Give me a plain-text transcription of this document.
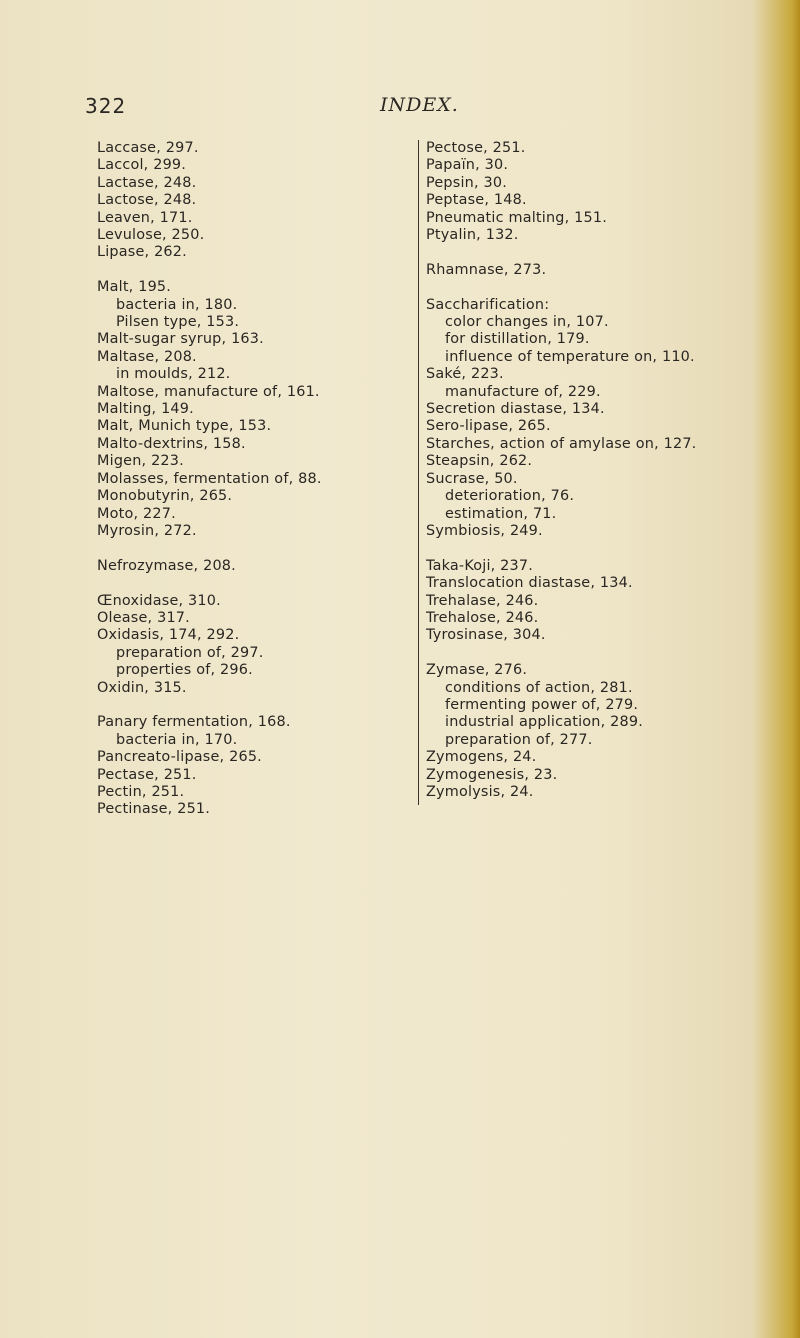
322	INDEX.
Laccase, 297.
Laccol, 299.
Lactase, 248.
Lactose, 248.
Leaven, 171.
Levulose, 250.
Lipase, 262.
Malt, 195.
bacteria in, 180.
Pilsen type, 153.
Malt-sugar syrup, 163.
Maltase, 208.
in moulds, 212.
Maltose, manufacture of, 161.
Malting, 149.
Malt, Munich type, 153.
Malto-dextrins, 158.
Migen, 223.
Molasses, fermentation of, 88.
Monobutyrin, 265.
Moto, 227.
Myrosin, 272.
Nefrozymase, 208.
Œnoxidase, 310.
Olease, 317.
Oxidasis, 174, 292.
preparation of, 297.
properties of, 296.
Oxidin, 315.
Panary fermentation, 168.
bacteria in, 170.
Pancreato-lipase, 265.
Pectase, 251.
Pectin, 251.
Pectinase, 251.
Pectose, 251.
Papaïn, 30.
Pepsin, 30.
Peptase, 148.
Pneumatic malting, 151.
Ptyalin, 132.
Rhamnase, 273.
Saccharification:
color changes in, 107.
for distillation, 179.
influence of temperature on, 110.
Saké, 223.
manufacture of, 229.
Secretion diastase, 134.
Sero-lipase, 265.
Starches, action of amylase on, 127.
Steapsin, 262.
Sucrase, 50.
deterioration, 76.
estimation, 71.
Symbiosis, 249.
Taka-Koji, 237.
Translocation diastase, 134.
Trehalase, 246.
Trehalose, 246.
Tyrosinase, 304.
Zymase, 276.
conditions of action, 281.
fermenting power of, 279.
industrial application, 289.
preparation of, 277.
Zymogens, 24.
Zymogenesis, 23.
Zymolysis, 24.
